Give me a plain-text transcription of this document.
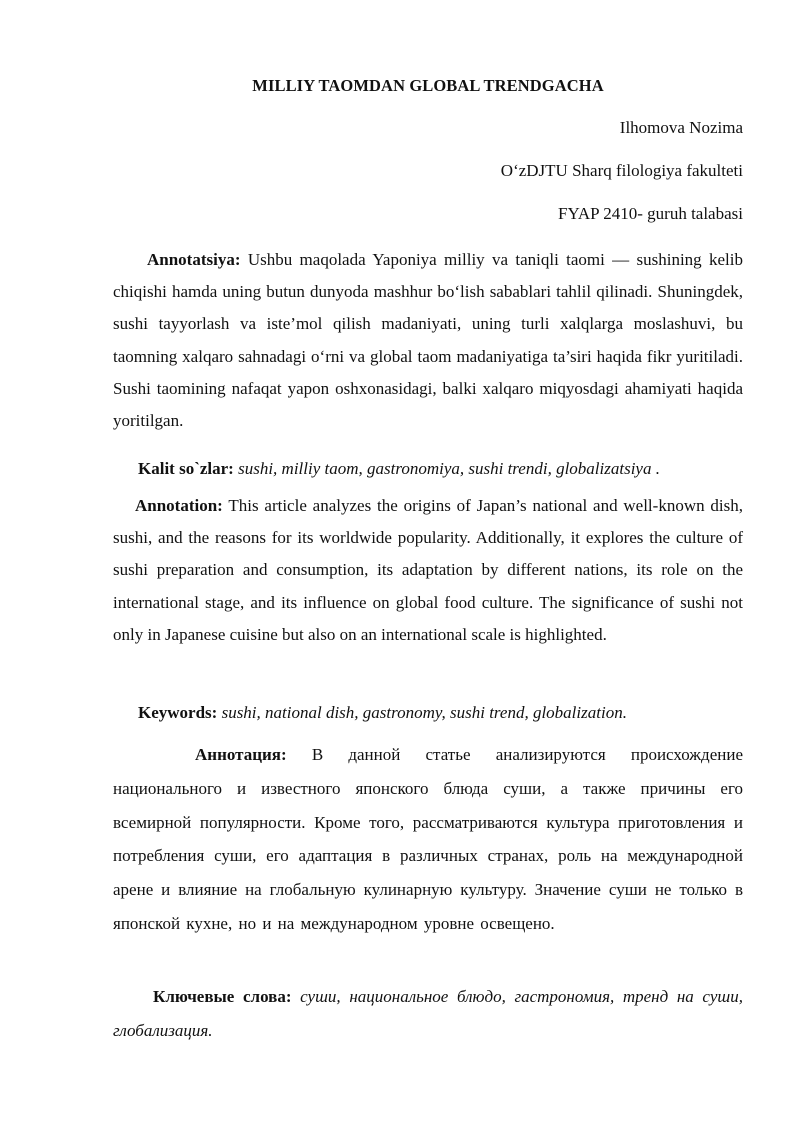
MILLIY TAOMDAN GLOBAL TRENDGACHA

Ilhomova Nozima

O‘zDJTU Sharq filologiya fakulteti

FYAP 2410- guruh talabasi

Annotatsiya: Ushbu maqolada Yaponiya milliy va taniqli taomi — sushining kelib chiqishi hamda uning butun dunyoda mashhur bo‘lish sabablari tahlil qilinadi. Shuningdek, sushi tayyorlash va iste’mol qilish madaniyati, uning turli xalqlarga moslashuvi, bu taomning xalqaro sahnadagi o‘rni va global taom madaniyatiga ta’siri haqida fikr yuritiladi. Sushi taomining nafaqat yapon oshxonasidagi, balki xalqaro miqyosdagi ahamiyati haqida yoritilgan.

Kalit so`zlar: sushi, milliy taom, gastronomiya, sushi trendi, globalizatsiya .

Annotation: This article analyzes the origins of Japan’s national and well-known dish, sushi, and the reasons for its worldwide popularity. Additionally, it explores the culture of sushi preparation and consumption, its adaptation by different nations, its role on the international stage, and its influence on global food culture. The significance of sushi not only in Japanese cuisine but also on an international scale is highlighted.

Keywords: sushi, national dish, gastronomy, sushi trend, globalization.

Аннотация: В данной статье анализируются происхождение национального и известного японского блюда суши, а также причины его всемирной популярности. Кроме того, рассматриваются культура приготовления и потребления суши, его адаптация в различных странах, роль на международной арене и влияние на глобальную кулинарную культуру. Значение суши не только в японской кухне, но и на международном уровне освещено.

Ключевые слова: суши, национальное блюдо, гастрономия, тренд на суши, глобализация.
